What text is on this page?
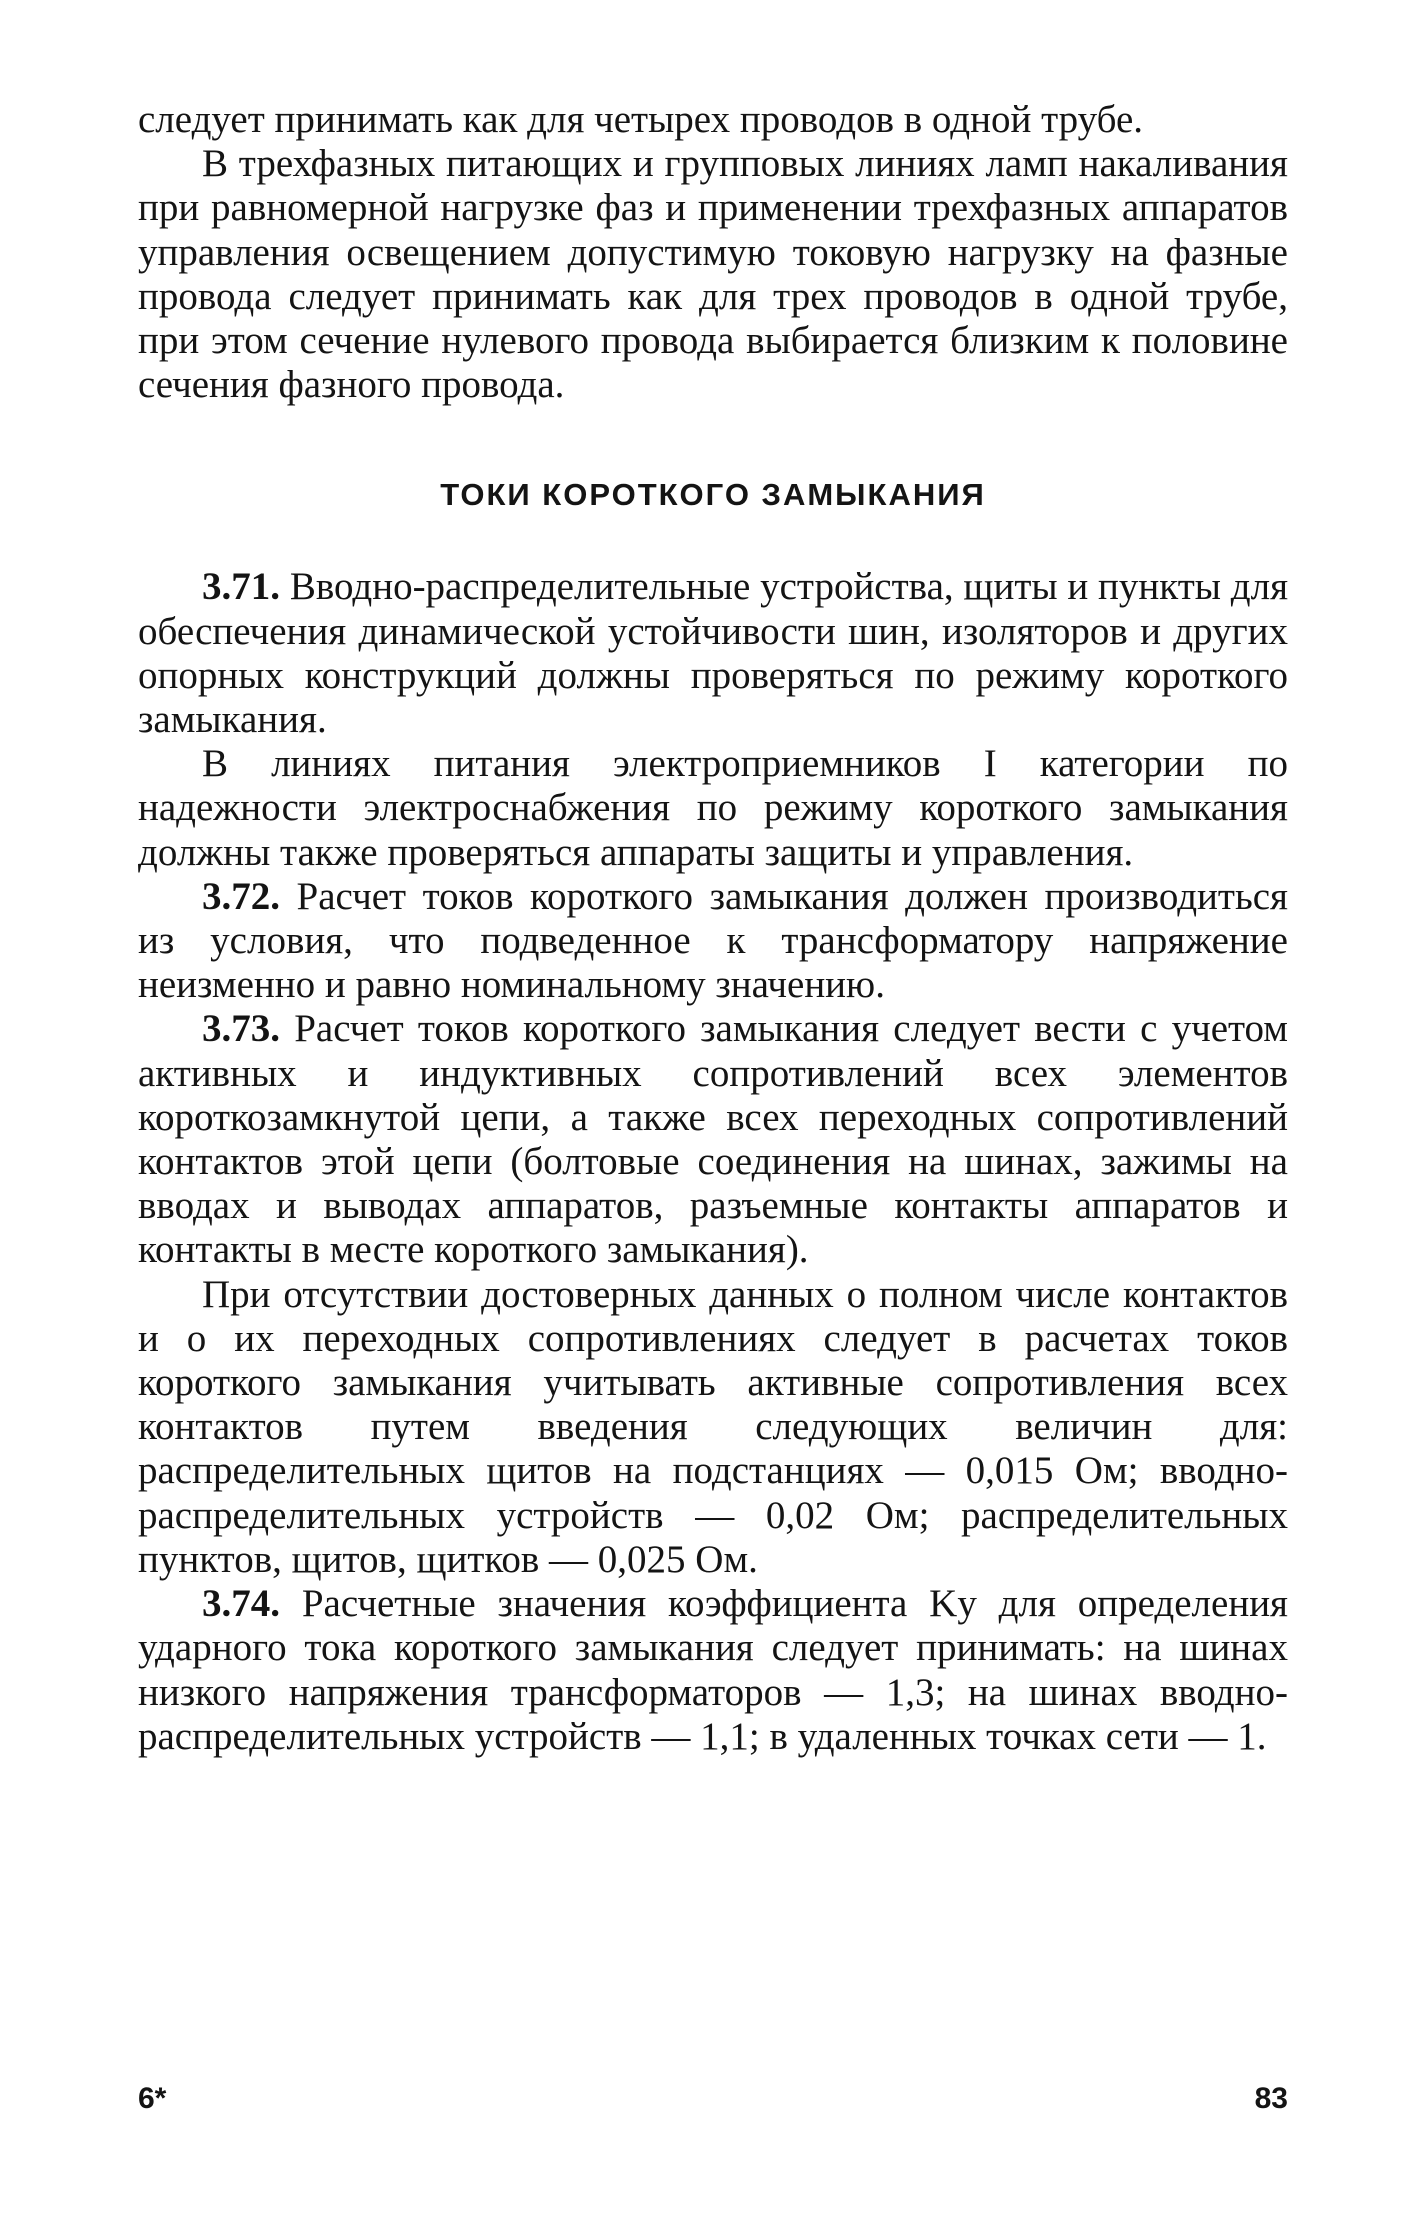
следует принимать как для четырех проводов в одной трубе.

В трехфазных питающих и групповых линиях ламп накаливания при равномерной нагрузке фаз и применении трехфазных аппаратов управления освещением допустимую токовую нагрузку на фазные провода следует принимать как для трех проводов в одной трубе, при этом сечение нулевого провода выбирается близким к половине сечения фазного провода.

ТОКИ КОРОТКОГО ЗАМЫКАНИЯ

3.71. Вводно-распределительные устройства, щиты и пункты для обеспечения динамической устойчивости шин, изоляторов и других опорных конструкций должны проверяться по режиму короткого замыкания.

В линиях питания электроприемников I категории по надежности электроснабжения по режиму короткого замыкания должны также проверяться аппараты защиты и управления.

3.72. Расчет токов короткого замыкания должен производиться из условия, что подведенное к трансформатору напряжение неизменно и равно номинальному значению.

3.73. Расчет токов короткого замыкания следует вести с учетом активных и индуктивных сопротивлений всех элементов короткозамкнутой цепи, а также всех переходных сопротивлений контактов этой цепи (болтовые соединения на шинах, зажимы на вводах и выводах аппаратов, разъемные контакты аппаратов и контакты в месте короткого замыкания).

При отсутствии достоверных данных о полном числе контактов и о их переходных сопротивлениях следует в расчетах токов короткого замыкания учитывать активные сопротивления всех контактов путем введения следующих величин для: распределительных щитов на подстанциях — 0,015 Ом; вводно-распределительных устройств — 0,02 Ом; распределительных пунктов, щитов, щитков — 0,025 Ом.

3.74. Расчетные значения коэффициента Kу для определения ударного тока короткого замыкания следует принимать: на шинах низкого напряжения трансформаторов — 1,3; на шинах вводно-распределительных устройств — 1,1; в удаленных точках сети — 1.

6*	83
